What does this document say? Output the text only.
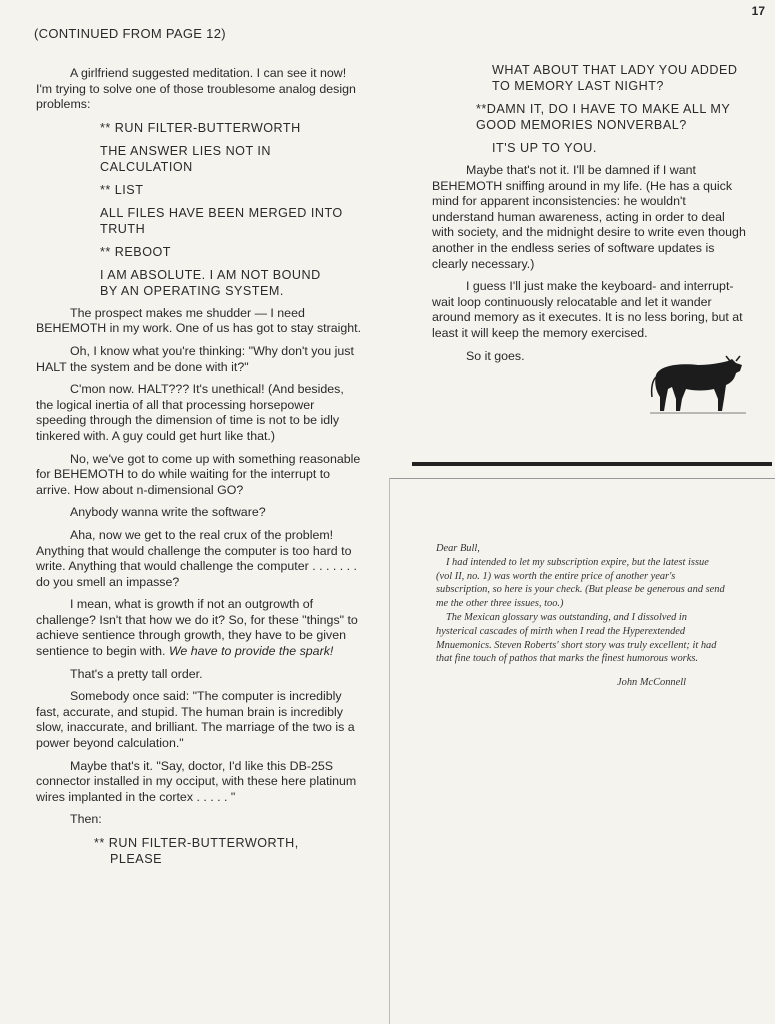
17
(CONTINUED FROM PAGE 12)

A girlfriend suggested meditation. I can see it now! I'm trying to solve one of those troublesome analog design problems:

** RUN FILTER-BUTTERWORTH
THE ANSWER LIES NOT IN CALCULATION
** LIST
ALL FILES HAVE BEEN MERGED INTO TRUTH
** REBOOT
I AM ABSOLUTE. I AM NOT BOUND
BY AN OPERATING SYSTEM.

The prospect makes me shudder — I need BEHEMOTH in my work. One of us has got to stay straight.

Oh, I know what you're thinking: "Why don't you just HALT the system and be done with it?"

C'mon now. HALT??? It's unethical! (And besides, the logical inertia of all that processing horsepower speeding through the dimension of time is not to be idly tinkered with. A guy could get hurt like that.)

No, we've got to come up with something reasonable for BEHEMOTH to do while waiting for the interrupt to arrive. How about n-dimensional GO?

Anybody wanna write the software?

Aha, now we get to the real crux of the problem! Anything that would challenge the computer is too hard to write. Anything that would challenge the computer . . . . . . . do you smell an impasse?

I mean, what is growth if not an outgrowth of challenge? Isn't that how we do it? So, for these "things" to achieve sentience through growth, they have to be given sentience to begin with. We have to provide the spark!

That's a pretty tall order.

Somebody once said: "The computer is incredibly fast, accurate, and stupid. The human brain is incredibly slow, inaccurate, and brilliant. The marriage of the two is a power beyond calculation."

Maybe that's it. "Say, doctor, I'd like this DB-25S connector installed in my occiput, with these here platinum wires implanted in the cortex . . . . . "

Then:

** RUN FILTER-BUTTERWORTH,
PLEASE
WHAT ABOUT THAT LADY YOU ADDED TO MEMORY LAST NIGHT?
**DAMN IT, DO I HAVE TO MAKE ALL MY GOOD MEMORIES NONVERBAL?
IT'S UP TO YOU.

Maybe that's not it. I'll be damned if I want BEHEMOTH sniffing around in my life. (He has a quick mind for apparent inconsistencies: he wouldn't understand human awareness, acting in order to deal with society, and the midnight desire to write even though another in the endless series of software updates is clearly necessary.)

I guess I'll just make the keyboard- and interrupt-wait loop continuously relocatable and let it wander around memory as it executes. It is no less boring, but at least it will keep the memory exercised.

So it goes.

Dear Bull,

I had intended to let my subscription expire, but the latest issue (vol II, no. 1) was worth the entire price of another year's subscription, so here is your check. (But please be generous and send me the other three issues, too.)

The Mexican glossary was outstanding, and I dissolved in hysterical cascades of mirth when I read the Hyperextended Mnuemonics. Steven Roberts' short story was truly excellent; it had that fine touch of pathos that marks the finest humorous works.

John McConnell
